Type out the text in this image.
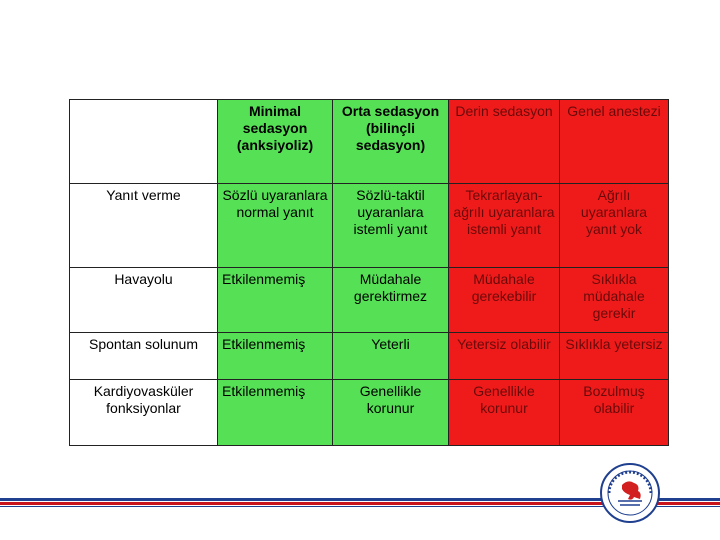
	Minimal sedasyon (anksiyoliz)	Orta sedasyon (bilinçli sedasyon)	Derin sedasyon	Genel anestezi
Yanıt verme	Sözlü uyaranlara normal yanıt	Sözlü-taktil uyaranlara istemli yanıt	Tekrarlayan-ağrılı uyaranlara istemli yanıt	Ağrılı uyaranlara yanıt yok
Havayolu	Etkilenmemiş	Müdahale gerektirmez	Müdahale gerekebilir	Sıklıkla müdahale gerekir
Spontan solunum	Etkilenmemiş	Yeterli	Yetersiz olabilir	Sıklıkla yetersiz
Kardiyovasküler fonksiyonlar	Etkilenmemiş	Genellikle korunur	Genellikle korunur	Bozulmuş olabilir
